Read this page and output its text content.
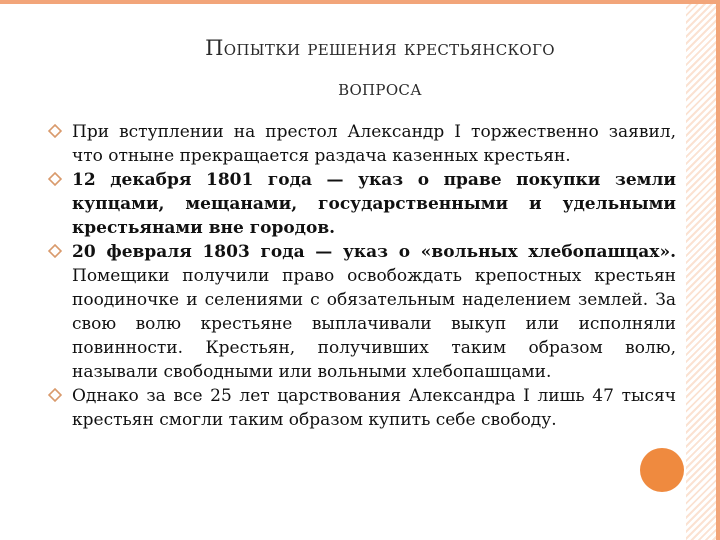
Попытки решения крестьянского
вопроса
При вступлении на престол Александр I торжественно заявил, что отныне прекращается раздача казенных крестьян.
12 декабря 1801 года — указ о праве покупки земли купцами, мещанами, государственными и удельными крестьянами вне городов.
20 февраля 1803 года — указ о «вольных хлебопашцах». Помещики получили право освобождать крепостных крестьян поодиночке и селениями с обязательным наделением землей. За свою волю крестьяне выплачивали выкуп или исполняли повинности. Крестьян, получивших таким образом волю, называли свободными или вольными хлебопашцами.
Однако за все 25 лет царствования Александра I лишь 47 тысяч крестьян смогли таким образом купить себе свободу.
